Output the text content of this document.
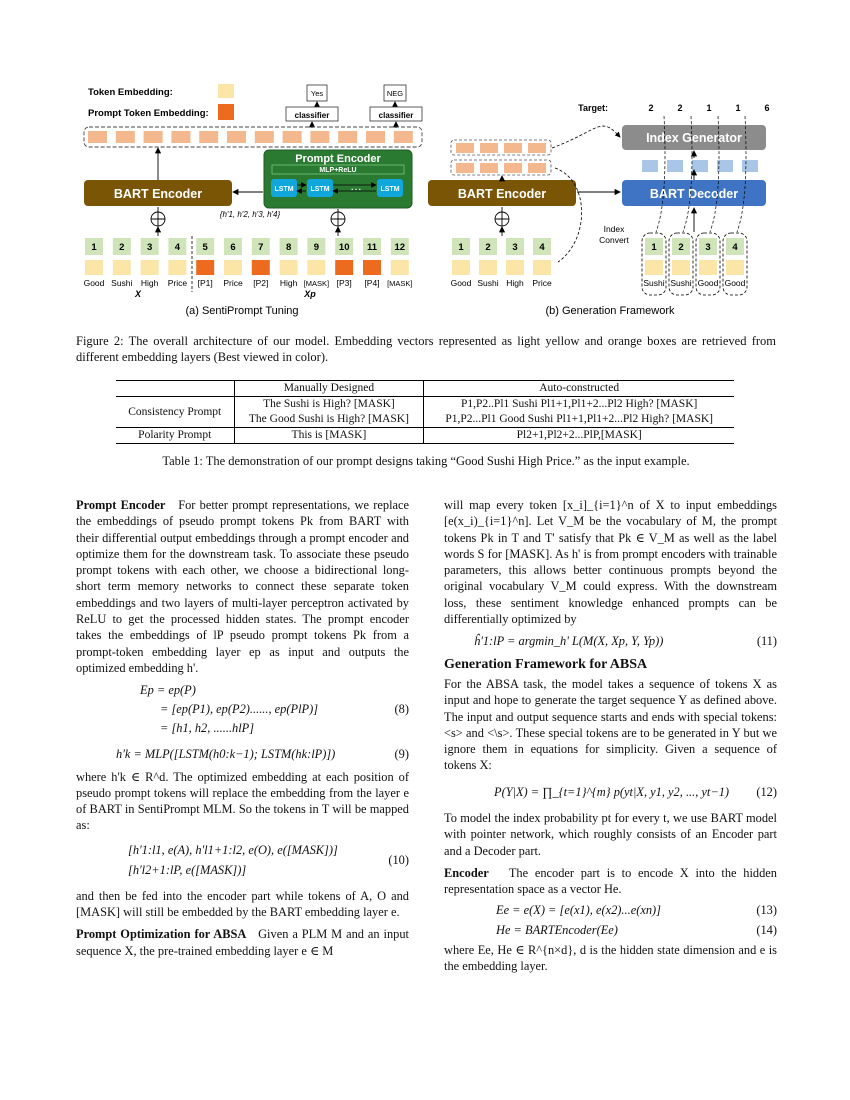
Token Embedding:
Prompt Token Embedding:
Yes	NEG
classifier	classifier
Prompt Encoder
MLP+ReLU
LSTM LSTM …	LSTM
BART Encoder
{h'1, h'2, h'3, h'4}
1 2 3 4 5 6 7 8 9 10 11 12
Good Sushi High Price [P1] Price [P2] High [MASK] [P3] [P4] [MASK]
X	Xp
(a) SentiPrompt Tuning
Target:	2	2	1	1	6
Index Generator
BART Encoder	BART Decoder
Index Convert
1 2 3 4
Good Sushi High Price
1 2 3 4
Sushi Sushi Good Good
(b) Generation Framework
Figure 2: The overall architecture of our model. Embedding vectors represented as light yellow and orange boxes are retrieved from different embedding layers (Best viewed in color).
	Manually Designed	Auto-constructed
Consistency Prompt	The Sushi is High? [MASK]	P1,P2..Pl1 Sushi Pl1+1,Pl1+2...Pl2 High? [MASK]
	The Good Sushi is High? [MASK]	P1,P2...Pl1 Good Sushi Pl1+1,Pl1+2...Pl2 High? [MASK]
Polarity Prompt	This is [MASK]	Pl2+1,Pl2+2...PlP,[MASK]
Table 1: The demonstration of our prompt designs taking “Good Sushi High Price.” as the input example.

Prompt Encoder For better prompt representations, we replace the embeddings of pseudo prompt tokens Pk from BART with their differential output embeddings through a prompt encoder and optimize them for the downstream task. To associate these pseudo prompt tokens with each other, we choose a bidirectional long-short term memory networks to connect these separate token embeddings and two layers of multi-layer perceptron activated by ReLU to get the processed hidden states. The prompt encoder takes the embeddings of lP pseudo prompt tokens Pk from a prompt-token embedding layer ep as input and outputs the optimized embedding h'.

Ep = ep(P)
= [ep(P1), ep(P2)......, ep(PlP)]
= [h1, h2, ......hlP]
(8)
h'k = MLP([LSTM(h0:k−1); LSTM(hk:lP)])	(9)

where h'k ∈ R^d. The optimized embedding at each position of pseudo prompt tokens will replace the embedding from the layer e of BART in SentiPrompt MLM. So the tokens in T will be mapped as:

[h'1:l1, e(A), h'l1+1:l2, e(O), e([MASK])]
[h'l2+1:lP, e([MASK])]
(10)

and then be fed into the encoder part while tokens of A, O and [MASK] will still be embedded by the BART embedding layer e.

Prompt Optimization for ABSA Given a PLM M and an input sequence X, the pre-trained embedding layer e ∈ M

will map every token [x_i]_{i=1}^n of X to input embeddings [e(x_i)_{i=1}^n]. Let V_M be the vocabulary of M, the prompt tokens Pk in T and T' satisfy that Pk ∈ V_M as well as the label words S for [MASK]. As h' is from prompt encoders with trainable parameters, this allows better continuous prompts beyond the original vocabulary V_M could express. With the downstream loss, these sentiment knowledge enhanced prompts can be differentially optimized by

ĥ'1:lP = argmin_h' L(M(X, Xp, Y, Yp))	(11)
Generation Framework for ABSA

For the ABSA task, the model takes a sequence of tokens X as input and hope to generate the target sequence Y as defined above. The input and output sequence starts and ends with special tokens: <s> and <\s>. These special tokens are to be generated in Y but we ignore them in equations for simplicity. Given a sequence of tokens X:

P(Y|X) = ∏_{t=1}^{m} p(yt|X, y1, y2, ..., yt−1) (12)

To model the index probability pt for every t, we use BART model with pointer network, which roughly consists of an Encoder part and a Decoder part.

Encoder The encoder part is to encode X into the hidden representation space as a vector He.

Ee = e(X) = [e(x1), e(x2)...e(xn)]	(13)
He = BARTEncoder(Ee)	(14)

where Ee, He ∈ R^{n×d}, d is the hidden state dimension and e is the embedding layer.
